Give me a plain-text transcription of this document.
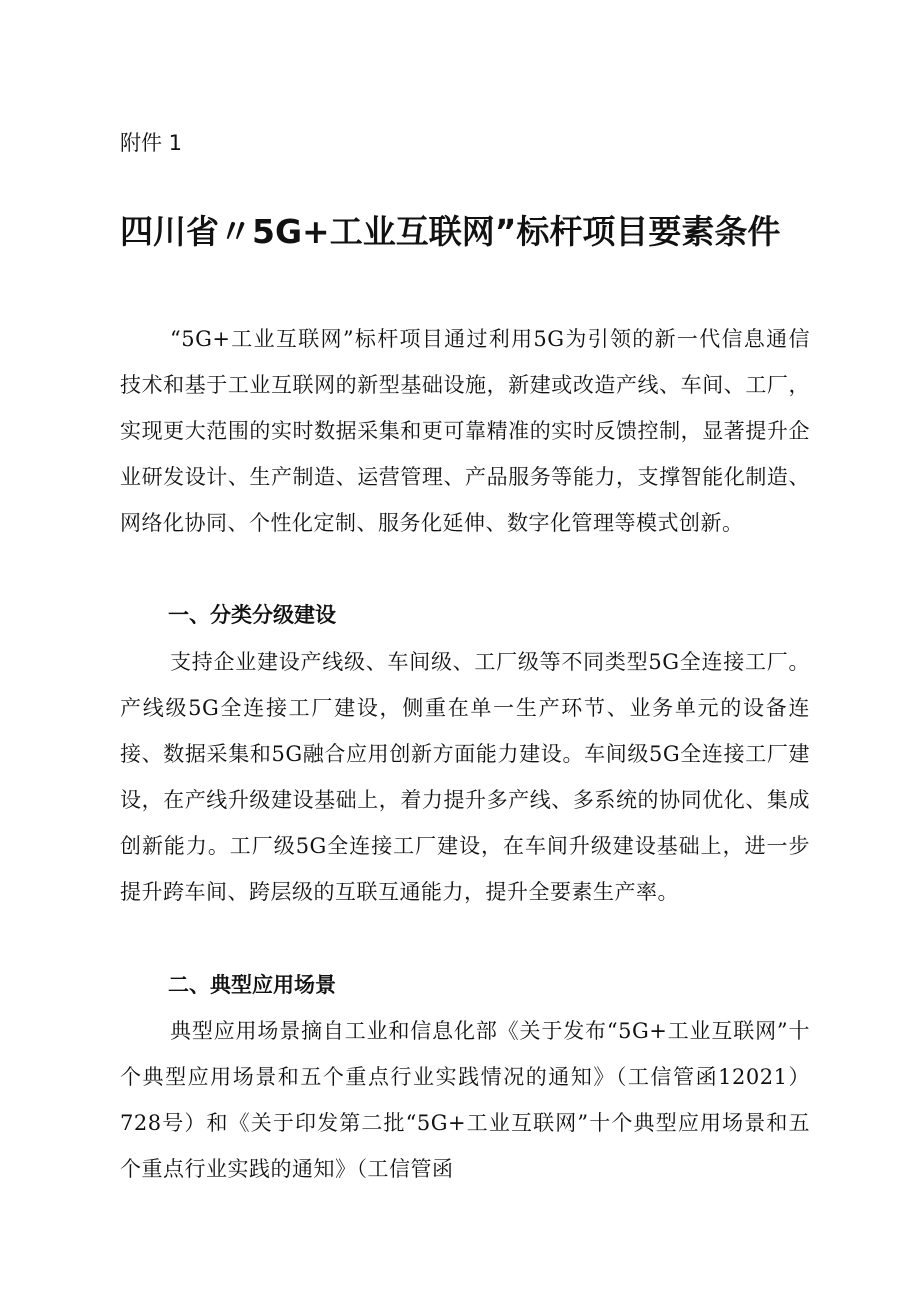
附件 1

四川省〃5G+工业互联网”标杆项目要素条件

“5G+工业互联网”标杆项目通过利用5G为引领的新一代信息通信技术和基于工业互联网的新型基础设施，新建或改造产线、车间、工厂，实现更大范围的实时数据采集和更可靠精准的实时反馈控制，显著提升企业研发设计、生产制造、运营管理、产品服务等能力，支撑智能化制造、网络化协同、个性化定制、服务化延伸、数字化管理等模式创新。

一、分类分级建设

支持企业建设产线级、车间级、工厂级等不同类型5G全连接工厂。产线级5G全连接工厂建设，侧重在单一生产环节、业务单元的设备连接、数据采集和5G融合应用创新方面能力建设。车间级5G全连接工厂建设，在产线升级建设基础上，着力提升多产线、多系统的协同优化、集成创新能力。工厂级5G全连接工厂建设，在车间升级建设基础上，进一步提升跨车间、跨层级的互联互通能力，提升全要素生产率。

二、典型应用场景

典型应用场景摘自工业和信息化部《关于发布“5G+工业互联网”十个典型应用场景和五个重点行业实践情况的通知》（工信管函12021）728号）和《关于印发第二批“5G+工业互联网”十个典型应用场景和五个重点行业实践的通知》（工信管函
